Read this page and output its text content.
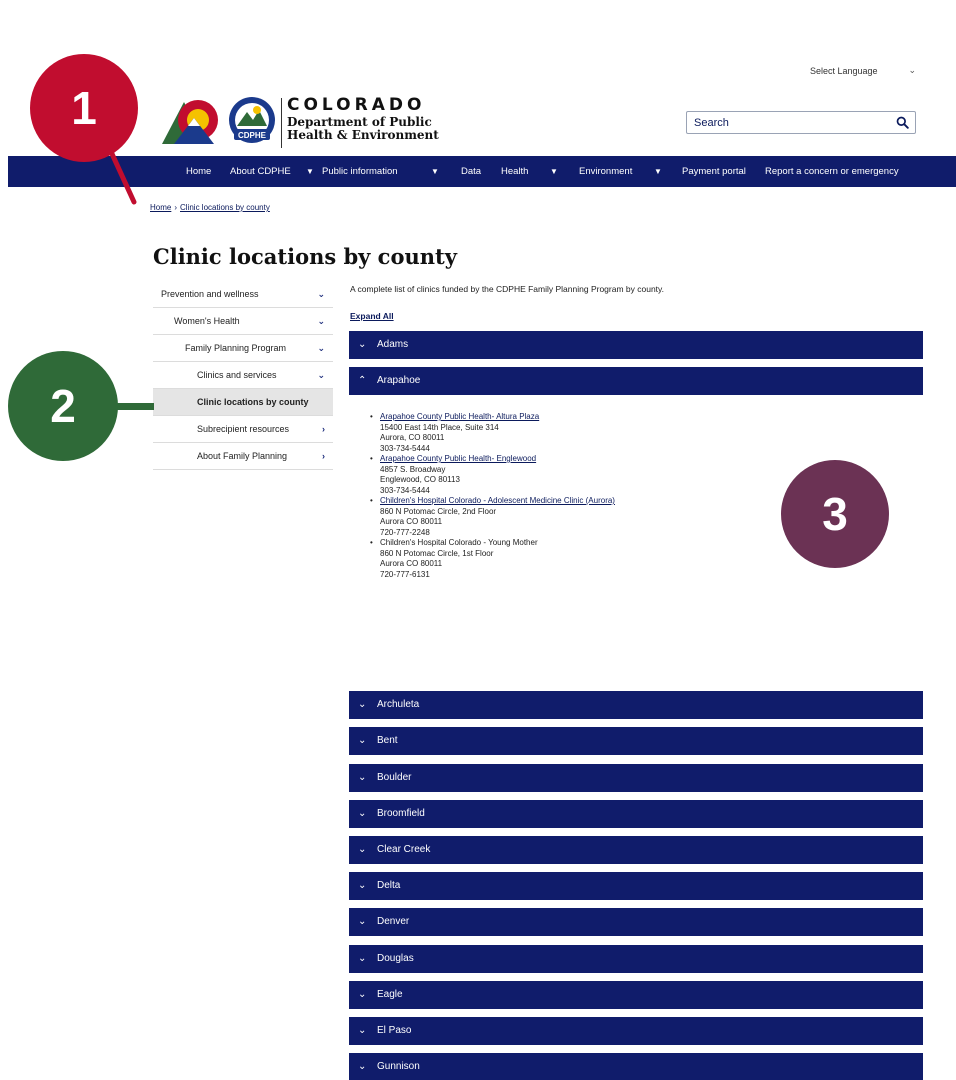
Select Language	⌄
CDPHE
COLORADO
Department of Public
Health & Environment
Search
Home About CDPHE ▼ Public information	▼ Data Health	▼ Environment	▼ Payment portal Report a concern or emergency
Home › Clinic locations by county
Clinic locations by county
Prevention and wellness	⌄
Women's Health	⌄
Family Planning Program	⌄
Clinics and services	⌄
Clinic locations by county
Subrecipient resources	›
About Family Planning	›
A complete list of clinics funded by the CDPHE Family Planning Program by county.
Expand All
⌄ Adams
⌃ Arapahoe
• Arapahoe County Public Health- Altura Plaza
15400 East 14th Place, Suite 314
Aurora, CO 80011
303-734-5444
• Arapahoe County Public Health- Englewood
4857 S. Broadway
Englewood, CO 80113
303-734-5444
• Children's Hospital Colorado - Adolescent Medicine Clinic (Aurora)
860 N Potomac Circle, 2nd Floor
Aurora CO 80011
720-777-2248
• Children's Hospital Colorado - Young Mother
860 N Potomac Circle, 1st Floor
Aurora CO 80011
720-777-6131
⌄ Archuleta
⌄ Bent
⌄ Boulder
⌄ Broomfield
⌄ Clear Creek
⌄ Delta
⌄ Denver
⌄ Douglas
⌄ Eagle
⌄ El Paso
⌄ Gunnison
1
2
3
